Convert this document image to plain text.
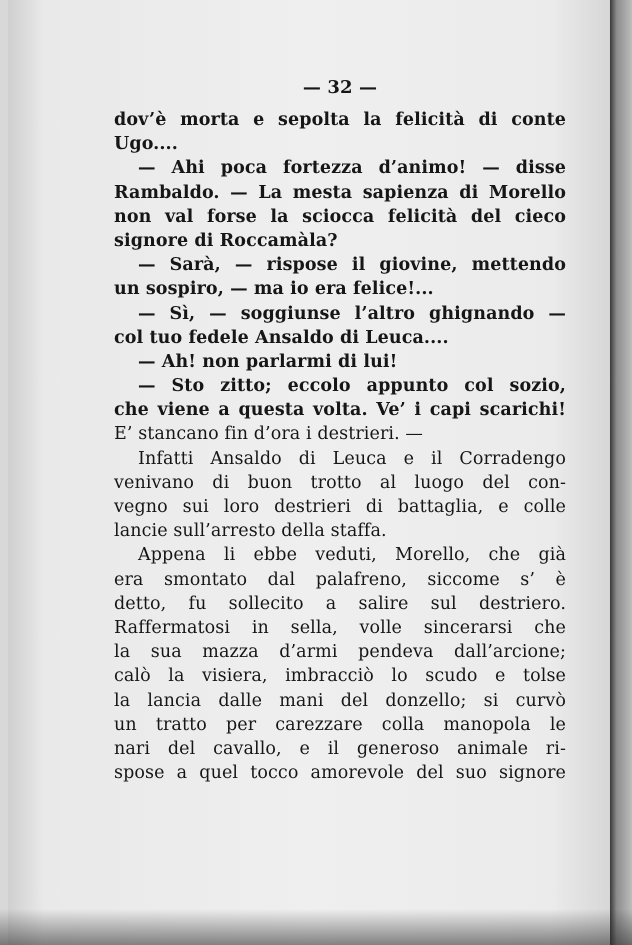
— 32 —
dov’è morta e sepolta la felicità di conte
Ugo....
— Ahi poca fortezza d’animo! — disse
Rambaldo. — La mesta sapienza di Morello
non val forse la sciocca felicità del cieco
signore di Roccamàla?
— Sarà, — rispose il giovine, mettendo
un sospiro, — ma io era felice!...
— Sì, — soggiunse l’altro ghignando —
col tuo fedele Ansaldo di Leuca....
— Ah! non parlarmi di lui!
— Sto zitto; eccolo appunto col sozio,
che viene a questa volta. Ve’ i capi scarichi!
E’ stancano fin d’ora i destrieri. —
Infatti Ansaldo di Leuca e il Corradengo
venivano di buon trotto al luogo del con-
vegno sui loro destrieri di battaglia, e colle
lancie sull’arresto della staffa.
Appena li ebbe veduti, Morello, che già
era smontato dal palafreno, siccome s’ è
detto, fu sollecito a salire sul destriero.
Raffermatosi in sella, volle sincerarsi che
la sua mazza d’armi pendeva dall’arcione;
calò la visiera, imbracciò lo scudo e tolse
la lancia dalle mani del donzello; si curvò
un tratto per carezzare colla manopola le
nari del cavallo, e il generoso animale ri-
spose a quel tocco amorevole del suo signore
